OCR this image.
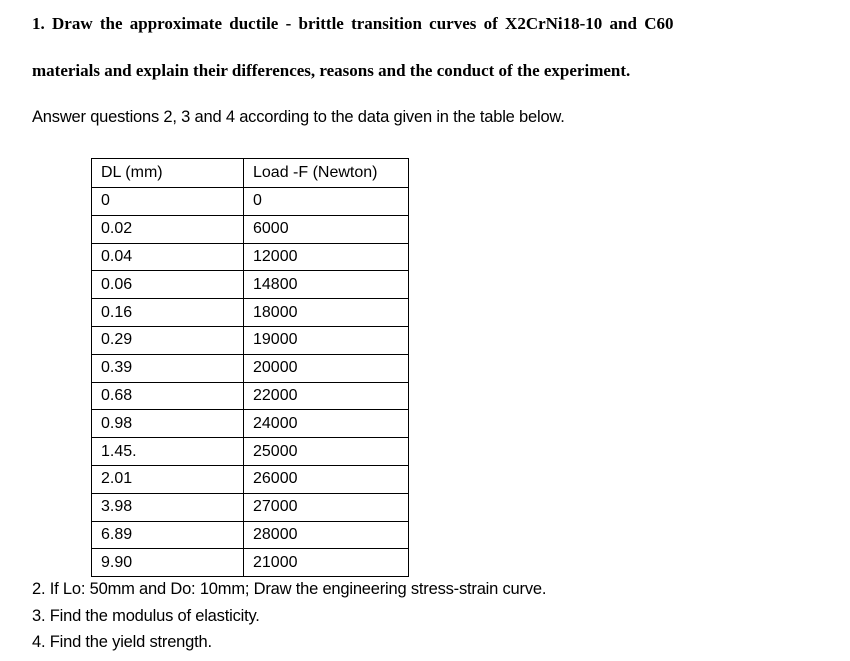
1. Draw the approximate ductile - brittle transition curves of X2CrNi18-10 and C60
materials and explain their differences, reasons and the conduct of the experiment.
Answer questions 2, 3 and 4 according to the data given in the table below.
DL (mm)	Load -F (Newton)
0	0
0.02	6000
0.04	12000
0.06	14800
0.16	18000
0.29	19000
0.39	20000
0.68	22000
0.98	24000
1.45.	25000
2.01	26000
3.98	27000
6.89	28000
9.90	21000
2. If Lo: 50mm and Do: 10mm; Draw the engineering stress-strain curve.
3. Find the modulus of elasticity.
4. Find the yield strength.
